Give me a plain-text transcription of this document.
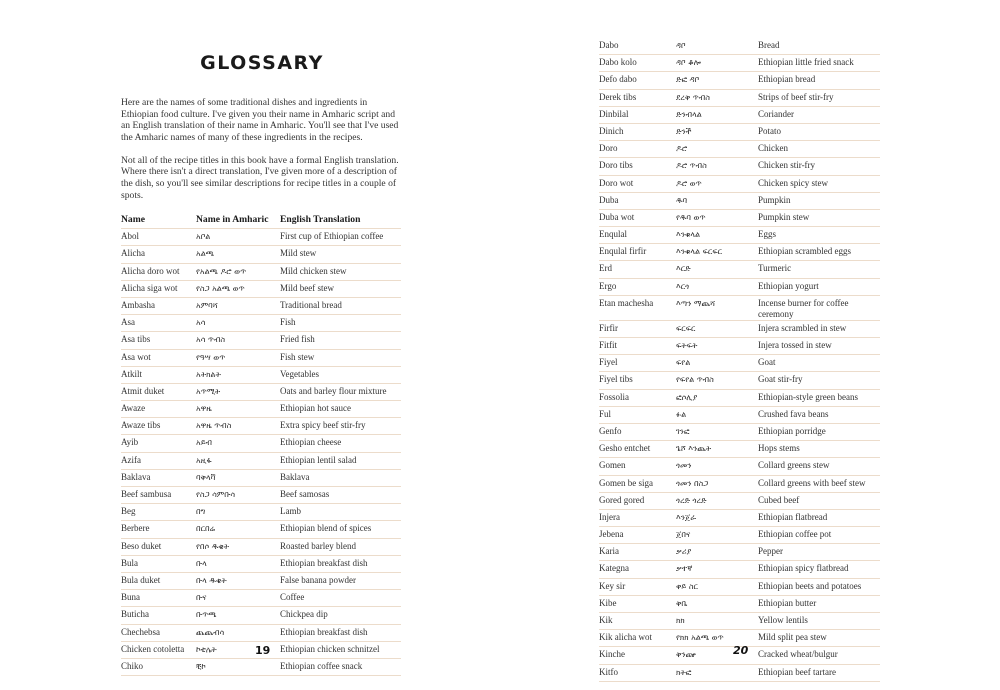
GLOSSARY

Here are the names of some traditional dishes and ingredients in Ethiopian food culture. I've given you their name in Amharic script and an English translation of their name in Amharic. You'll see that I've used the Amharic names of many of these ingredients in the recipes.

Not all of the recipe titles in this book have a formal English translation. Where there isn't a direct translation, I've given more of a description of the dish, so you'll see similar descriptions for recipe titles in a couple of spots.

Name	Name in Amharic	English Translation
Abol	አቦል	First cup of Ethiopian coffee
Alicha	አልጫ	Mild stew
Alicha doro wot	የአልጫ ዶሮ ወጥ	Mild chicken stew
Alicha siga wot	የስጋ አልጫ ወጥ	Mild beef stew
Ambasha	አምባሻ	Traditional bread
Asa	አሳ	Fish
Asa tibs	አሳ ጥብስ	Fried fish
Asa wot	የዓሣ ወጥ	Fish stew
Atkilt	አትክልት	Vegetables
Atmit duket	አጥሚት	Oats and barley flour mixture
Awaze	አዋዜ	Ethiopian hot sauce
Awaze tibs	አዋዜ ጥብስ	Extra spicy beef stir-fry
Ayib	አይብ	Ethiopian cheese
Azifa	አዚፋ	Ethiopian lentil salad
Baklava	ባቅላቫ	Baklava
Beef sambusa	የስጋ ሳምቡሳ	Beef samosas
Beg	በግ	Lamb
Berbere	በርበሬ	Ethiopian blend of spices
Beso duket	የበሶ ዱቄት	Roasted barley blend
Bula	ቡላ	Ethiopian breakfast dish
Bula duket	ቡላ ዱቄት	False banana powder
Buna	ቡና	Coffee
Buticha	ቡጥጫ	Chickpea dip
Chechebsa	ጨጨብሳ	Ethiopian breakfast dish
Chicken cotoletta	ኮቲሌት	Ethiopian chicken schnitzel
Chiko	ቺኮ	Ethiopian coffee snack
19
Dabo	ዳቦ	Bread
Dabo kolo	ዳቦ ቆሎ	Ethiopian little fried snack
Defo dabo	ድፎ ዳቦ	Ethiopian bread
Derek tibs	ደረቅ ጥብስ	Strips of beef stir-fry
Dinbilal	ድንብላል	Coriander
Dinich	ድንች	Potato
Doro	ዶሮ	Chicken
Doro tibs	ዶሮ ጥብስ	Chicken stir-fry
Doro wot	ዶሮ ወጥ	Chicken spicy stew
Duba	ዱባ	Pumpkin
Duba wot	የዱባ ወጥ	Pumpkin stew
Enqulal	እንቁላል	Eggs
Enqulal firfir	እንቁላል ፍርፍር	Ethiopian scrambled eggs
Erd	እርድ	Turmeric
Ergo	እርጎ	Ethiopian yogurt
Etan machesha	እጣን ማጨሻ	Incense burner for coffee ceremony
Firfir	ፍርፍር	Injera scrambled in stew
Fitfit	ፍትፍት	Injera tossed in stew
Fiyel	ፍየል	Goat
Fiyel tibs	የፍየል ጥብስ	Goat stir-fry
Fossolia	ፎሶሊያ	Ethiopian-style green beans
Ful	ፉል	Crushed fava beans
Genfo	ገንፎ	Ethiopian porridge
Gesho entchet	ጌሾ እንጨት	Hops stems
Gomen	ጎመን	Collard greens stew
Gomen be siga	ጎመን በስጋ	Collard greens with beef stew
Gored gored	ጎረድ ጎረድ	Cubed beef
Injera	እንጀራ	Ethiopian flatbread
Jebena	ጀበና	Ethiopian coffee pot
Karia	ቃሪያ	Pepper
Kategna	ቃተኛ	Ethiopian spicy flatbread
Key sir	ቀይ ስር	Ethiopian beets and potatoes
Kibe	ቅቤ	Ethiopian butter
Kik	ክክ	Yellow lentils
Kik alicha wot	የክክ አልጫ ወጥ	Mild split pea stew
Kinche	ቅንጬ	Cracked wheat/bulgur
Kitfo	ክትፎ	Ethiopian beef tartare
20
